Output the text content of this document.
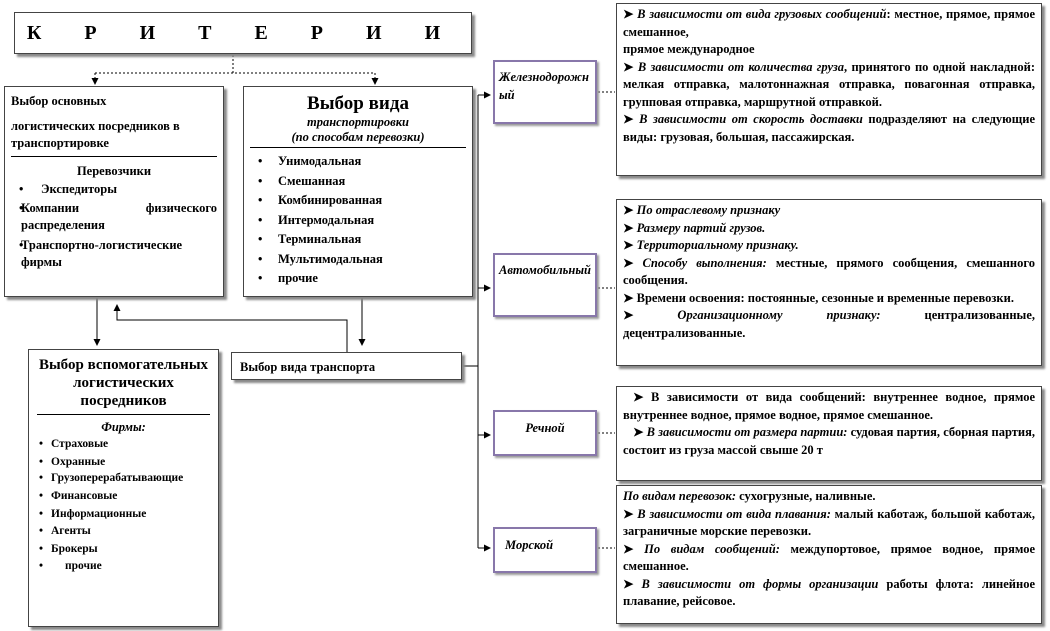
К Р И Т Е Р И И
Выбор основных
логистических посредников в транспортировке
Перевозчики
• Экспедиторы
• Компании физического распределения
• Транспортно-логистические фирмы
Выбор вида
транспортировки
(по способам перевозки)
• Унимодальная
• Смешанная
• Комбинированная
• Интермодальная
• Терминальная
• Мультимодальная
• прочие
Выбор вспомогательных логистических посредников
Фирмы:
• Страховые
• Охранные
• Грузоперерабатывающие
• Финансовые
• Информационные
• Агенты
• Брокеры
• прочие
Выбор вида транспорта
Железнодорожный
Автомобильный
Речной
Морской

➤ В зависимости от вида грузовых сообщений: местное, прямое, прямое смешанное,
прямое международное

➤ В зависимости от количества груза, принятого по одной накладной: мелкая отправка, малотоннажная отправка, повагонная отправка, групповая отправка, маршрутной отправкой.

➤ В зависимости от скорость доставки подразделяют на следующие виды: грузовая, большая, пассажирская.

➤ По отраслевому признаку

➤ Размеру партий грузов.

➤ Территориальному признаку.

➤ Способу выполнения: местные, прямого сообщения, смешанного сообщения.

➤ Времени освоения: постоянные, сезонные и временные перевозки.

➤ Организационному признаку: централизованные, децентрализованные.

➤ В зависимости от вида сообщений: внутреннее водное, прямое внутреннее водное, прямое водное, прямое смешанное.

➤ В зависимости от размера партии: судовая партия, сборная партия, состоит из груза массой свыше 20 т

По видам перевозок: сухогрузные, наливные.

➤ В зависимости от вида плавания: малый каботаж, большой каботаж, заграничные морские перевозки.

➤ По видам сообщений: междупортовое, прямое водное, прямое смешанное.

➤ В зависимости от формы организации работы флота: линейное плавание, рейсовое.
